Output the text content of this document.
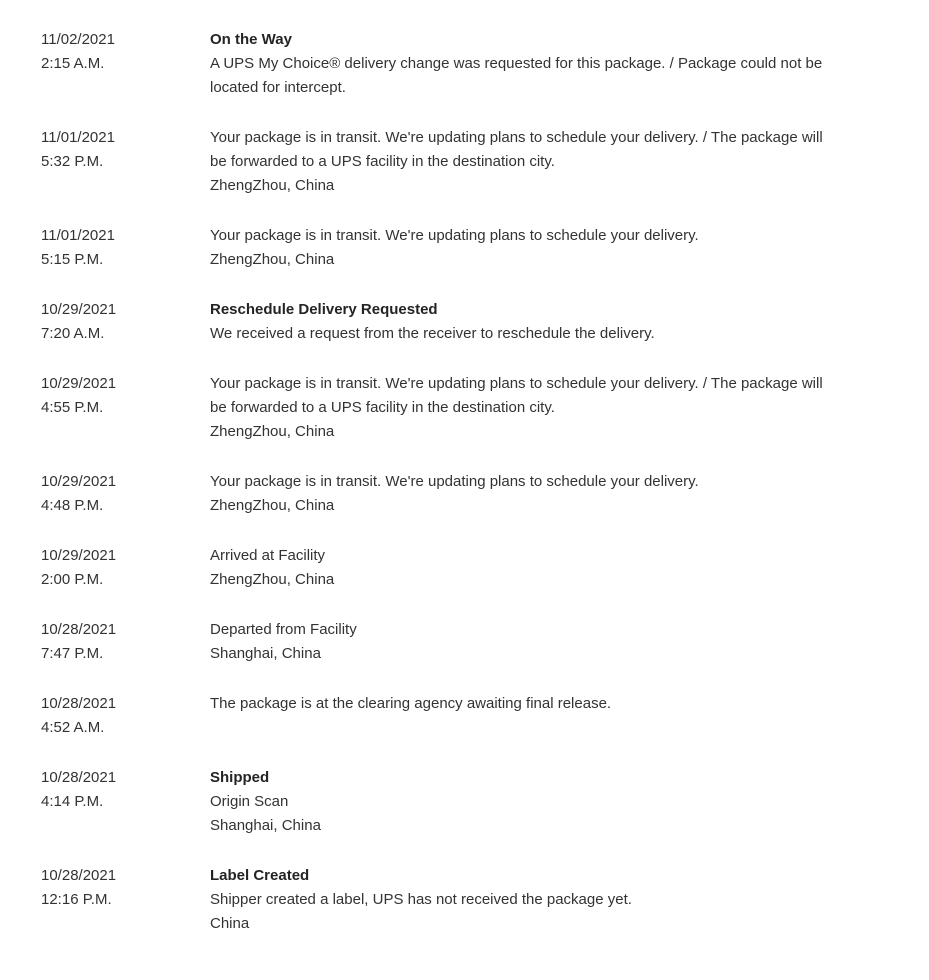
11/02/2021
2:15 A.M.
On the Way
A UPS My Choice® delivery change was requested for this package. / Package could not be located for intercept.
11/01/2021
5:32 P.M.
Your package is in transit. We're updating plans to schedule your delivery. / The package will be forwarded to a UPS facility in the destination city.
ZhengZhou, China
11/01/2021
5:15 P.M.
Your package is in transit. We're updating plans to schedule your delivery.
ZhengZhou, China
10/29/2021
7:20 A.M.
Reschedule Delivery Requested
We received a request from the receiver to reschedule the delivery.
10/29/2021
4:55 P.M.
Your package is in transit. We're updating plans to schedule your delivery. / The package will be forwarded to a UPS facility in the destination city.
ZhengZhou, China
10/29/2021
4:48 P.M.
Your package is in transit. We're updating plans to schedule your delivery.
ZhengZhou, China
10/29/2021
2:00 P.M.
Arrived at Facility
ZhengZhou, China
10/28/2021
7:47 P.M.
Departed from Facility
Shanghai, China
10/28/2021
4:52 A.M.
The package is at the clearing agency awaiting final release.
10/28/2021
4:14 P.M.
Shipped
Origin Scan
Shanghai, China
10/28/2021
12:16 P.M.
Label Created
Shipper created a label, UPS has not received the package yet.
China
